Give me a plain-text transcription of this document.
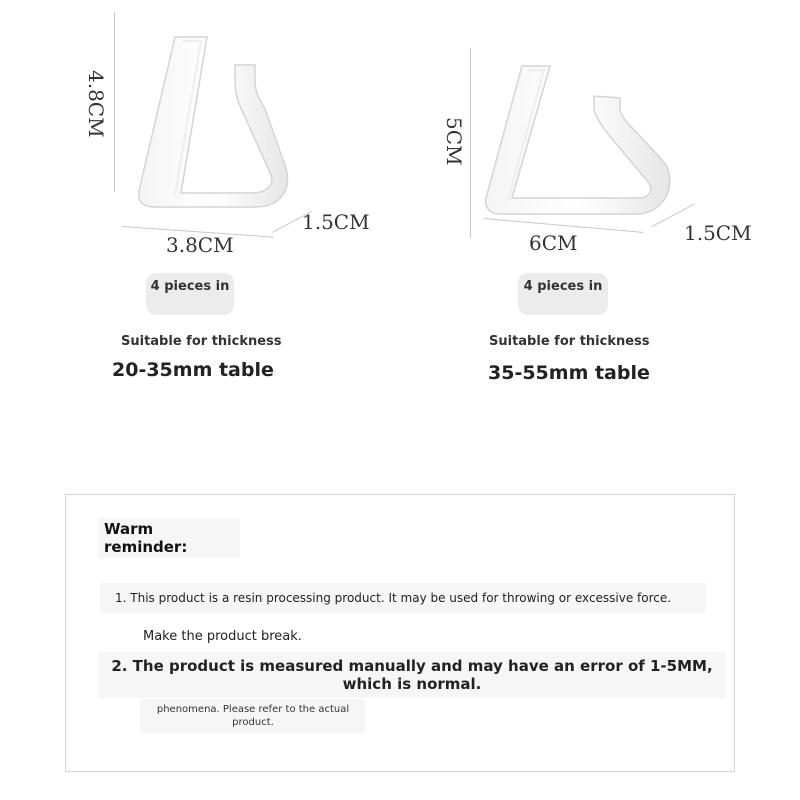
4.8CM
3.8CM
1.5CM
4 pieces in
Suitable for thickness
20-35mm table
5CM
6CM	1.5CM
4 pieces in
Suitable for thickness
35-55mm table
Warm reminder:
1. This product is a resin processing product. It may be used for throwing or excessive force.
Make the product break.
2. The product is measured manually and may have an error of 1-5MM, which is normal.
phenomena. Please refer to the actual product.
